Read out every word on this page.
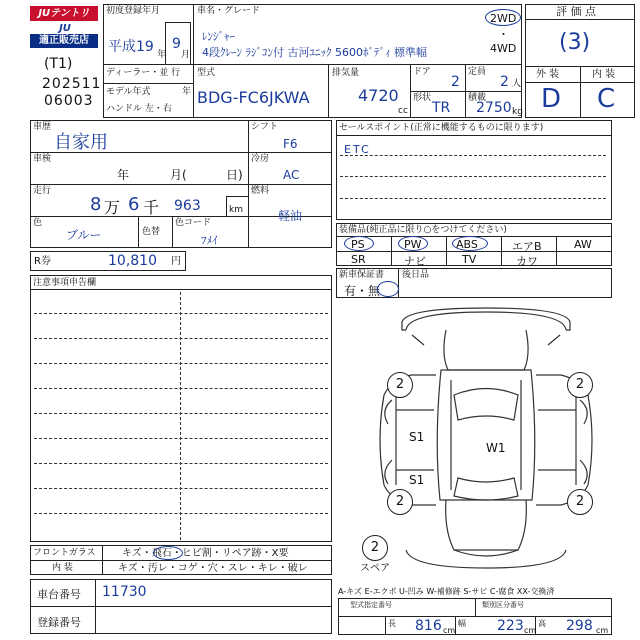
JUテントリ
JU
適正販売店
(T1)
202511
06003
初度登録年月
平成19 年
9
月
車名・グレード
ﾚﾝｼﾞｬｰ
4段ｸﾚｰﾝ ﾗｼﾞｺﾝ付 古河ﾕﾆｯｸ 5600ﾎﾞﾃﾞｨ 標準幅
2WD
・
4WD
ディーラー・並 行
モデル年式	年
ハンドル 左・右
型式
BDG-FC6JKWA
排気量
4720
cc
ドア
2
定員
2 人
形状
TR
積載
2750 kg
評 価 点
(3)
外 装	内 装
D C
車歴
自家用
車検
年	月(	日)
走行
8 万 6 千 963	km
色
ブルー	色替
色コード
ﾌﾒｲ
シフト
F6
冷房
AC
燃料
軽油
R券	10,810 円
セールスポイント(正常に機能するものに限ります)
ETC
装備品(純正品に限り○をつけてください)
PS	PW	ABS	エアB	AW
SR	ナビ	TV	カワ
新車保証書
有・無
後日品
注意事項申告欄
2	2
2	2
S1
S1
W1
2
スペア
フロントガラス	キズ・飛石・ヒビ割・リペア跡・X要
内 装	キズ・汚レ・コゲ・穴・スレ・キレ・破レ
車台番号 11730
登録番号
A-キズ E-エクボ U-凹み W-補修跡 S-サビ C-腐食 XX-交換済
型式指定番号	類別区分番号
長 816 cm
幅 223 cm
高 298 cm
